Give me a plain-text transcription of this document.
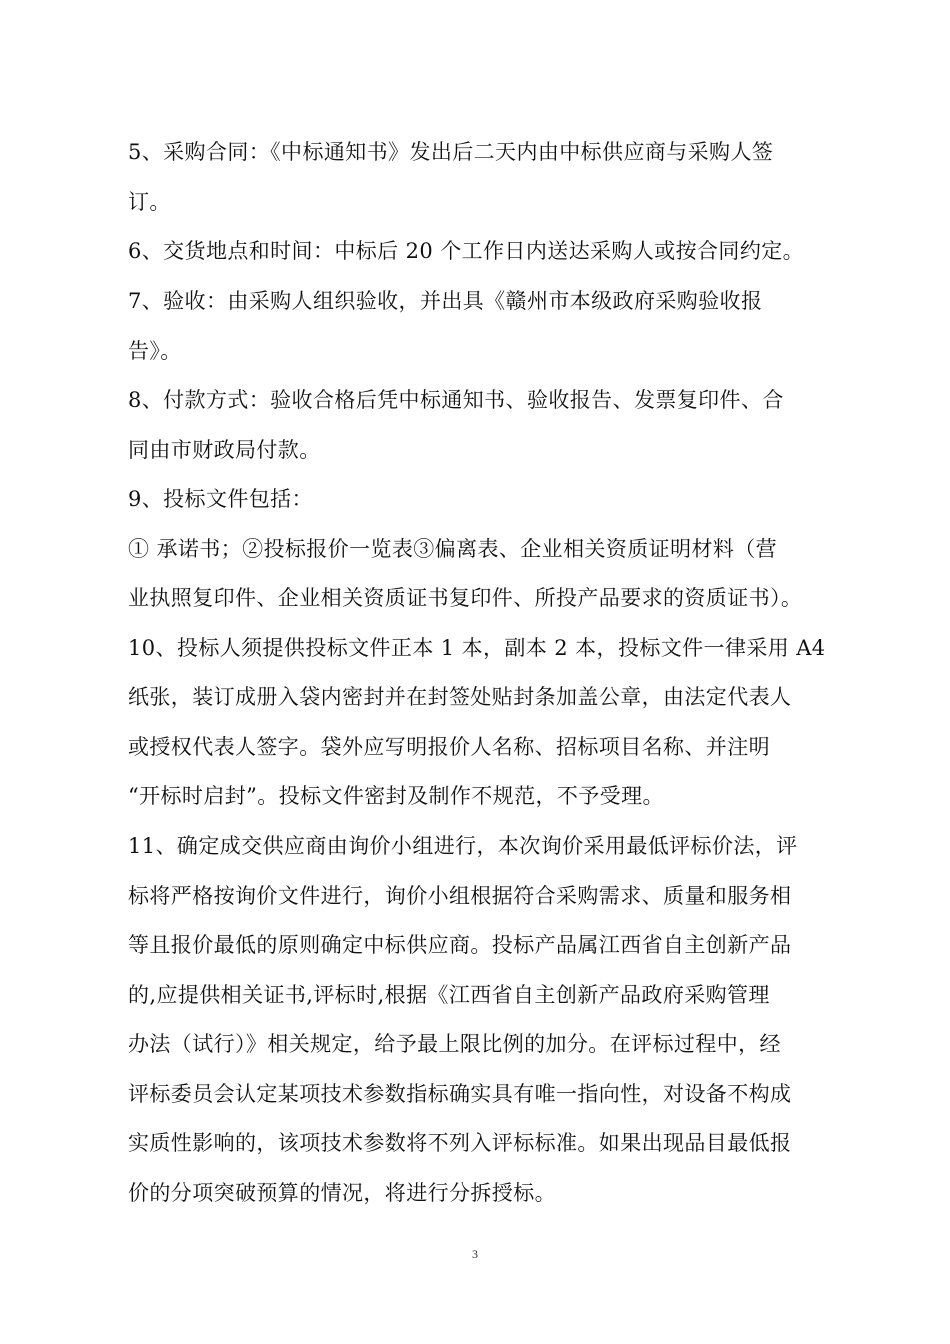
5、采购合同：《中标通知书》发出后二天内由中标供应商与采购人签
订。
6、交货地点和时间：中标后 20 个工作日内送达采购人或按合同约定。
7、验收：由采购人组织验收，并出具《赣州市本级政府采购验收报
告》。
8、付款方式：验收合格后凭中标通知书、验收报告、发票复印件、合
同由市财政局付款。
9、投标文件包括：
① 承诺书；②投标报价一览表③偏离表、企业相关资质证明材料（营
业执照复印件、企业相关资质证书复印件、所投产品要求的资质证书）。
10、投标人须提供投标文件正本 1 本，副本 2 本，投标文件一律采用 A4
纸张，装订成册入袋内密封并在封签处贴封条加盖公章，由法定代表人
或授权代表人签字。袋外应写明报价人名称、招标项目名称、并注明
“开标时启封”。投标文件密封及制作不规范，不予受理。
11、确定成交供应商由询价小组进行，本次询价采用最低评标价法，评
标将严格按询价文件进行，询价小组根据符合采购需求、质量和服务相
等且报价最低的原则确定中标供应商。投标产品属江西省自主创新产品
的,应提供相关证书,评标时,根据《江西省自主创新产品政府采购管理
办法（试行）》相关规定，给予最上限比例的加分。在评标过程中，经
评标委员会认定某项技术参数指标确实具有唯一指向性，对设备不构成
实质性影响的，该项技术参数将不列入评标标准。如果出现品目最低报
价的分项突破预算的情况，将进行分拆授标。
3
